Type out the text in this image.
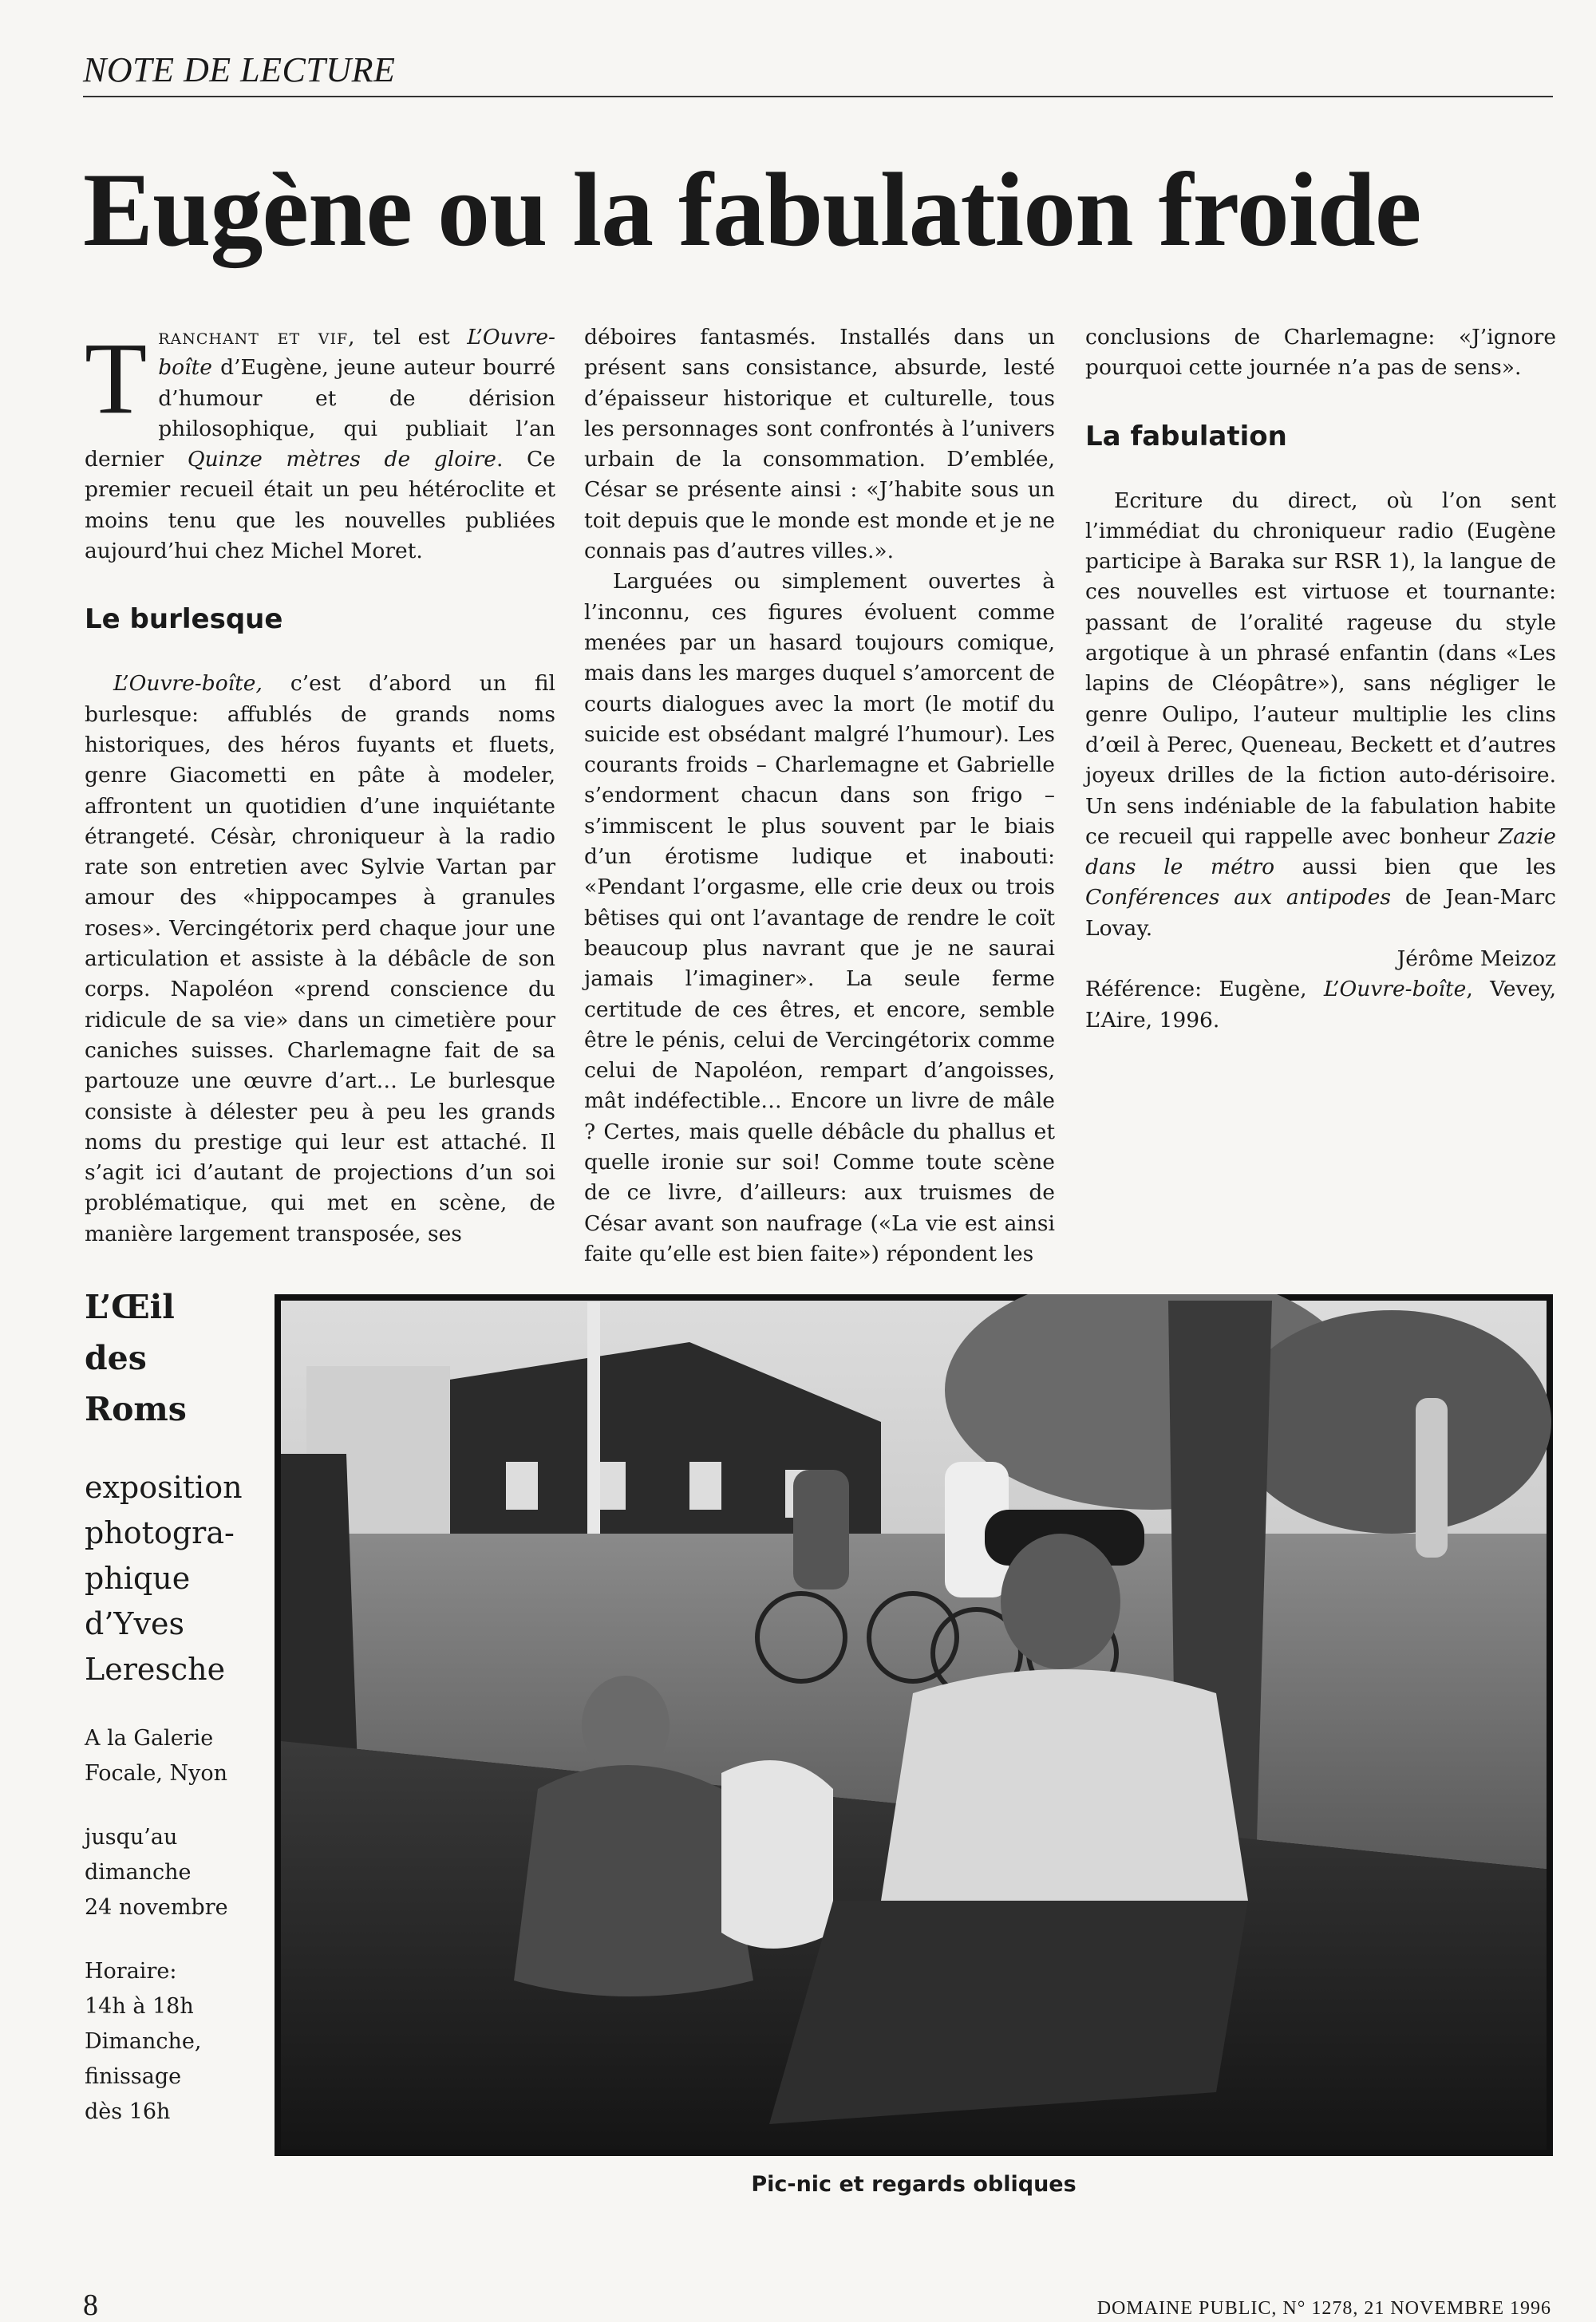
NOTE DE LECTURE
Eugène ou la fabulation froide

Tranchant et vif, tel est L’Ouvre-boîte d’Eugène, jeune auteur bourré d’humour et de dérision philosophique, qui publiait l’an dernier Quinze mètres de gloire. Ce premier recueil était un peu hétéroclite et moins tenu que les nouvelles publiées aujourd’hui chez Michel Moret.

Le burlesque

L’Ouvre-boîte, c’est d’abord un fil burlesque: affublés de grands noms historiques, des héros fuyants et fluets, genre Giacometti en pâte à modeler, affrontent un quotidien d’une inquiétante étrangeté. Césàr, chroniqueur à la radio rate son entretien avec Sylvie Vartan par amour des «hippocampes à granules roses». Vercingétorix perd chaque jour une articulation et assiste à la débâcle de son corps. Napoléon «prend conscience du ridicule de sa vie» dans un cimetière pour caniches suisses. Charlemagne fait de sa partouze une œuvre d’art… Le burlesque consiste à délester peu à peu les grands noms du prestige qui leur est attaché. Il s’agit ici d’autant de projections d’un soi problématique, qui met en scène, de manière largement transposée, ses

déboires fantasmés. Installés dans un présent sans consistance, absurde, lesté d’épaisseur historique et culturelle, tous les personnages sont confrontés à l’univers urbain de la consommation. D’emblée, César se présente ainsi : «J’habite sous un toit depuis que le monde est monde et je ne connais pas d’autres villes.».

Larguées ou simplement ouvertes à l’inconnu, ces figures évoluent comme menées par un hasard toujours comique, mais dans les marges duquel s’amorcent de courts dialogues avec la mort (le motif du suicide est obsédant malgré l’humour). Les courants froids – Charlemagne et Gabrielle s’endorment chacun dans son frigo – s’immiscent le plus souvent par le biais d’un érotisme ludique et inabouti: «Pendant l’orgasme, elle crie deux ou trois bêtises qui ont l’avantage de rendre le coït beaucoup plus navrant que je ne saurai jamais l’imaginer». La seule ferme certitude de ces êtres, et encore, semble être le pénis, celui de Vercingétorix comme celui de Napoléon, rempart d’angoisses, mât indéfectible… Encore un livre de mâle ? Certes, mais quelle débâcle du phallus et quelle ironie sur soi! Comme toute scène de ce livre, d’ailleurs: aux truismes de César avant son naufrage («La vie est ainsi faite qu’elle est bien faite») répondent les

conclusions de Charlemagne: «J’ignore pourquoi cette journée n’a pas de sens».

La fabulation

Ecriture du direct, où l’on sent l’immédiat du chroniqueur radio (Eugène participe à Baraka sur RSR 1), la langue de ces nouvelles est virtuose et tournante: passant de l’oralité rageuse du style argotique à un phrasé enfantin (dans «Les lapins de Cléopâtre»), sans négliger le genre Oulipo, l’auteur multiplie les clins d’œil à Perec, Queneau, Beckett et d’autres joyeux drilles de la fiction auto-dérisoire. Un sens indéniable de la fabulation habite ce recueil qui rappelle avec bonheur Zazie dans le métro aussi bien que les Conférences aux antipodes de Jean-Marc Lovay.

Jérôme Meizoz

Référence: Eugène, L’Ouvre-boîte, Vevey, L’Aire, 1996.

L’Œil
des
Roms
exposition
photogra-
phique
d’Yves
Leresche
A la Galerie
Focale, Nyon
jusqu’au
dimanche
24 novembre
Horaire:
14h à 18h
Dimanche,
finissage
dès 16h
Pic-nic et regards obliques
8	DOMAINE PUBLIC, N° 1278, 21 NOVEMBRE 1996
